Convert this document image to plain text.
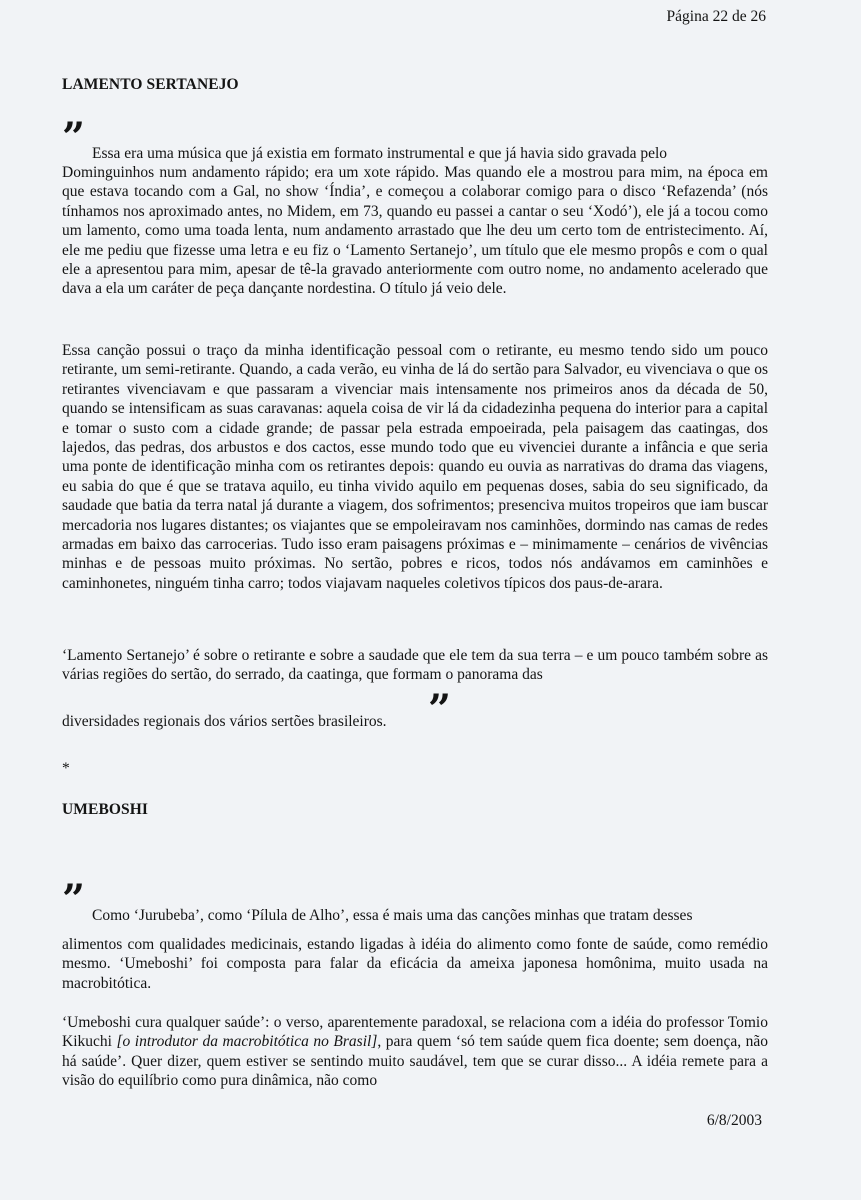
Página 22 de 26
LAMENTO SERTANEJO
” Essa era uma música que já existia em formato instrumental e que já havia sido gravada pelo

Dominguinhos num andamento rápido; era um xote rápido. Mas quando ele a mostrou para mim, na época em que estava tocando com a Gal, no show ‘Índia’, e começou a colaborar comigo para o disco ‘Refazenda’ (nós tínhamos nos aproximado antes, no Midem, em 73, quando eu passei a cantar o seu ‘Xodó’), ele já a tocou como um lamento, como uma toada lenta, num andamento arrastado que lhe deu um certo tom de entristecimento. Aí, ele me pediu que fizesse uma letra e eu fiz o ‘Lamento Sertanejo’, um título que ele mesmo propôs e com o qual ele a apresentou para mim, apesar de tê-la gravado anteriormente com outro nome, no andamento acelerado que dava a ela um caráter de peça dançante nordestina. O título já veio dele.

Essa canção possui o traço da minha identificação pessoal com o retirante, eu mesmo tendo sido um pouco retirante, um semi-retirante. Quando, a cada verão, eu vinha de lá do sertão para Salvador, eu vivenciava o que os retirantes vivenciavam e que passaram a vivenciar mais intensamente nos primeiros anos da década de 50, quando se intensificam as suas caravanas: aquela coisa de vir lá da cidadezinha pequena do interior para a capital e tomar o susto com a cidade grande; de passar pela estrada empoeirada, pela paisagem das caatingas, dos lajedos, das pedras, dos arbustos e dos cactos, esse mundo todo que eu vivenciei durante a infância e que seria uma ponte de identificação minha com os retirantes depois: quando eu ouvia as narrativas do drama das viagens, eu sabia do que é que se tratava aquilo, eu tinha vivido aquilo em pequenas doses, sabia do seu significado, da saudade que batia da terra natal já durante a viagem, dos sofrimentos; presenciva muitos tropeiros que iam buscar mercadoria nos lugares distantes; os viajantes que se empoleiravam nos caminhões, dormindo nas camas de redes armadas em baixo das carrocerias. Tudo isso eram paisagens próximas e – minimamente – cenários de vivências minhas e de pessoas muito próximas. No sertão, pobres e ricos, todos nós andávamos em caminhões e caminhonetes, ninguém tinha carro; todos viajavam naqueles coletivos típicos dos paus-de-arara.

‘Lamento Sertanejo’ é sobre o retirante e sobre a saudade que ele tem da sua terra – e um pouco também sobre as várias regiões do sertão, do serrado, da caatinga, que formam o panorama das

diversidades regionais dos vários sertões brasileiros. ”
*
UMEBOSHI
” Como ‘Jurubeba’, como ‘Pílula de Alho’, essa é mais uma das canções minhas que tratam desses

alimentos com qualidades medicinais, estando ligadas à idéia do alimento como fonte de saúde, como remédio mesmo. ‘Umeboshi’ foi composta para falar da eficácia da ameixa japonesa homônima, muito usada na macrobitótica.

‘Umeboshi cura qualquer saúde’: o verso, aparentemente paradoxal, se relaciona com a idéia do professor Tomio Kikuchi [o introdutor da macrobitótica no Brasil], para quem ‘só tem saúde quem fica doente; sem doença, não há saúde’. Quer dizer, quem estiver se sentindo muito saudável, tem que se curar disso... A idéia remete para a visão do equilíbrio como pura dinâmica, não como

6/8/2003
